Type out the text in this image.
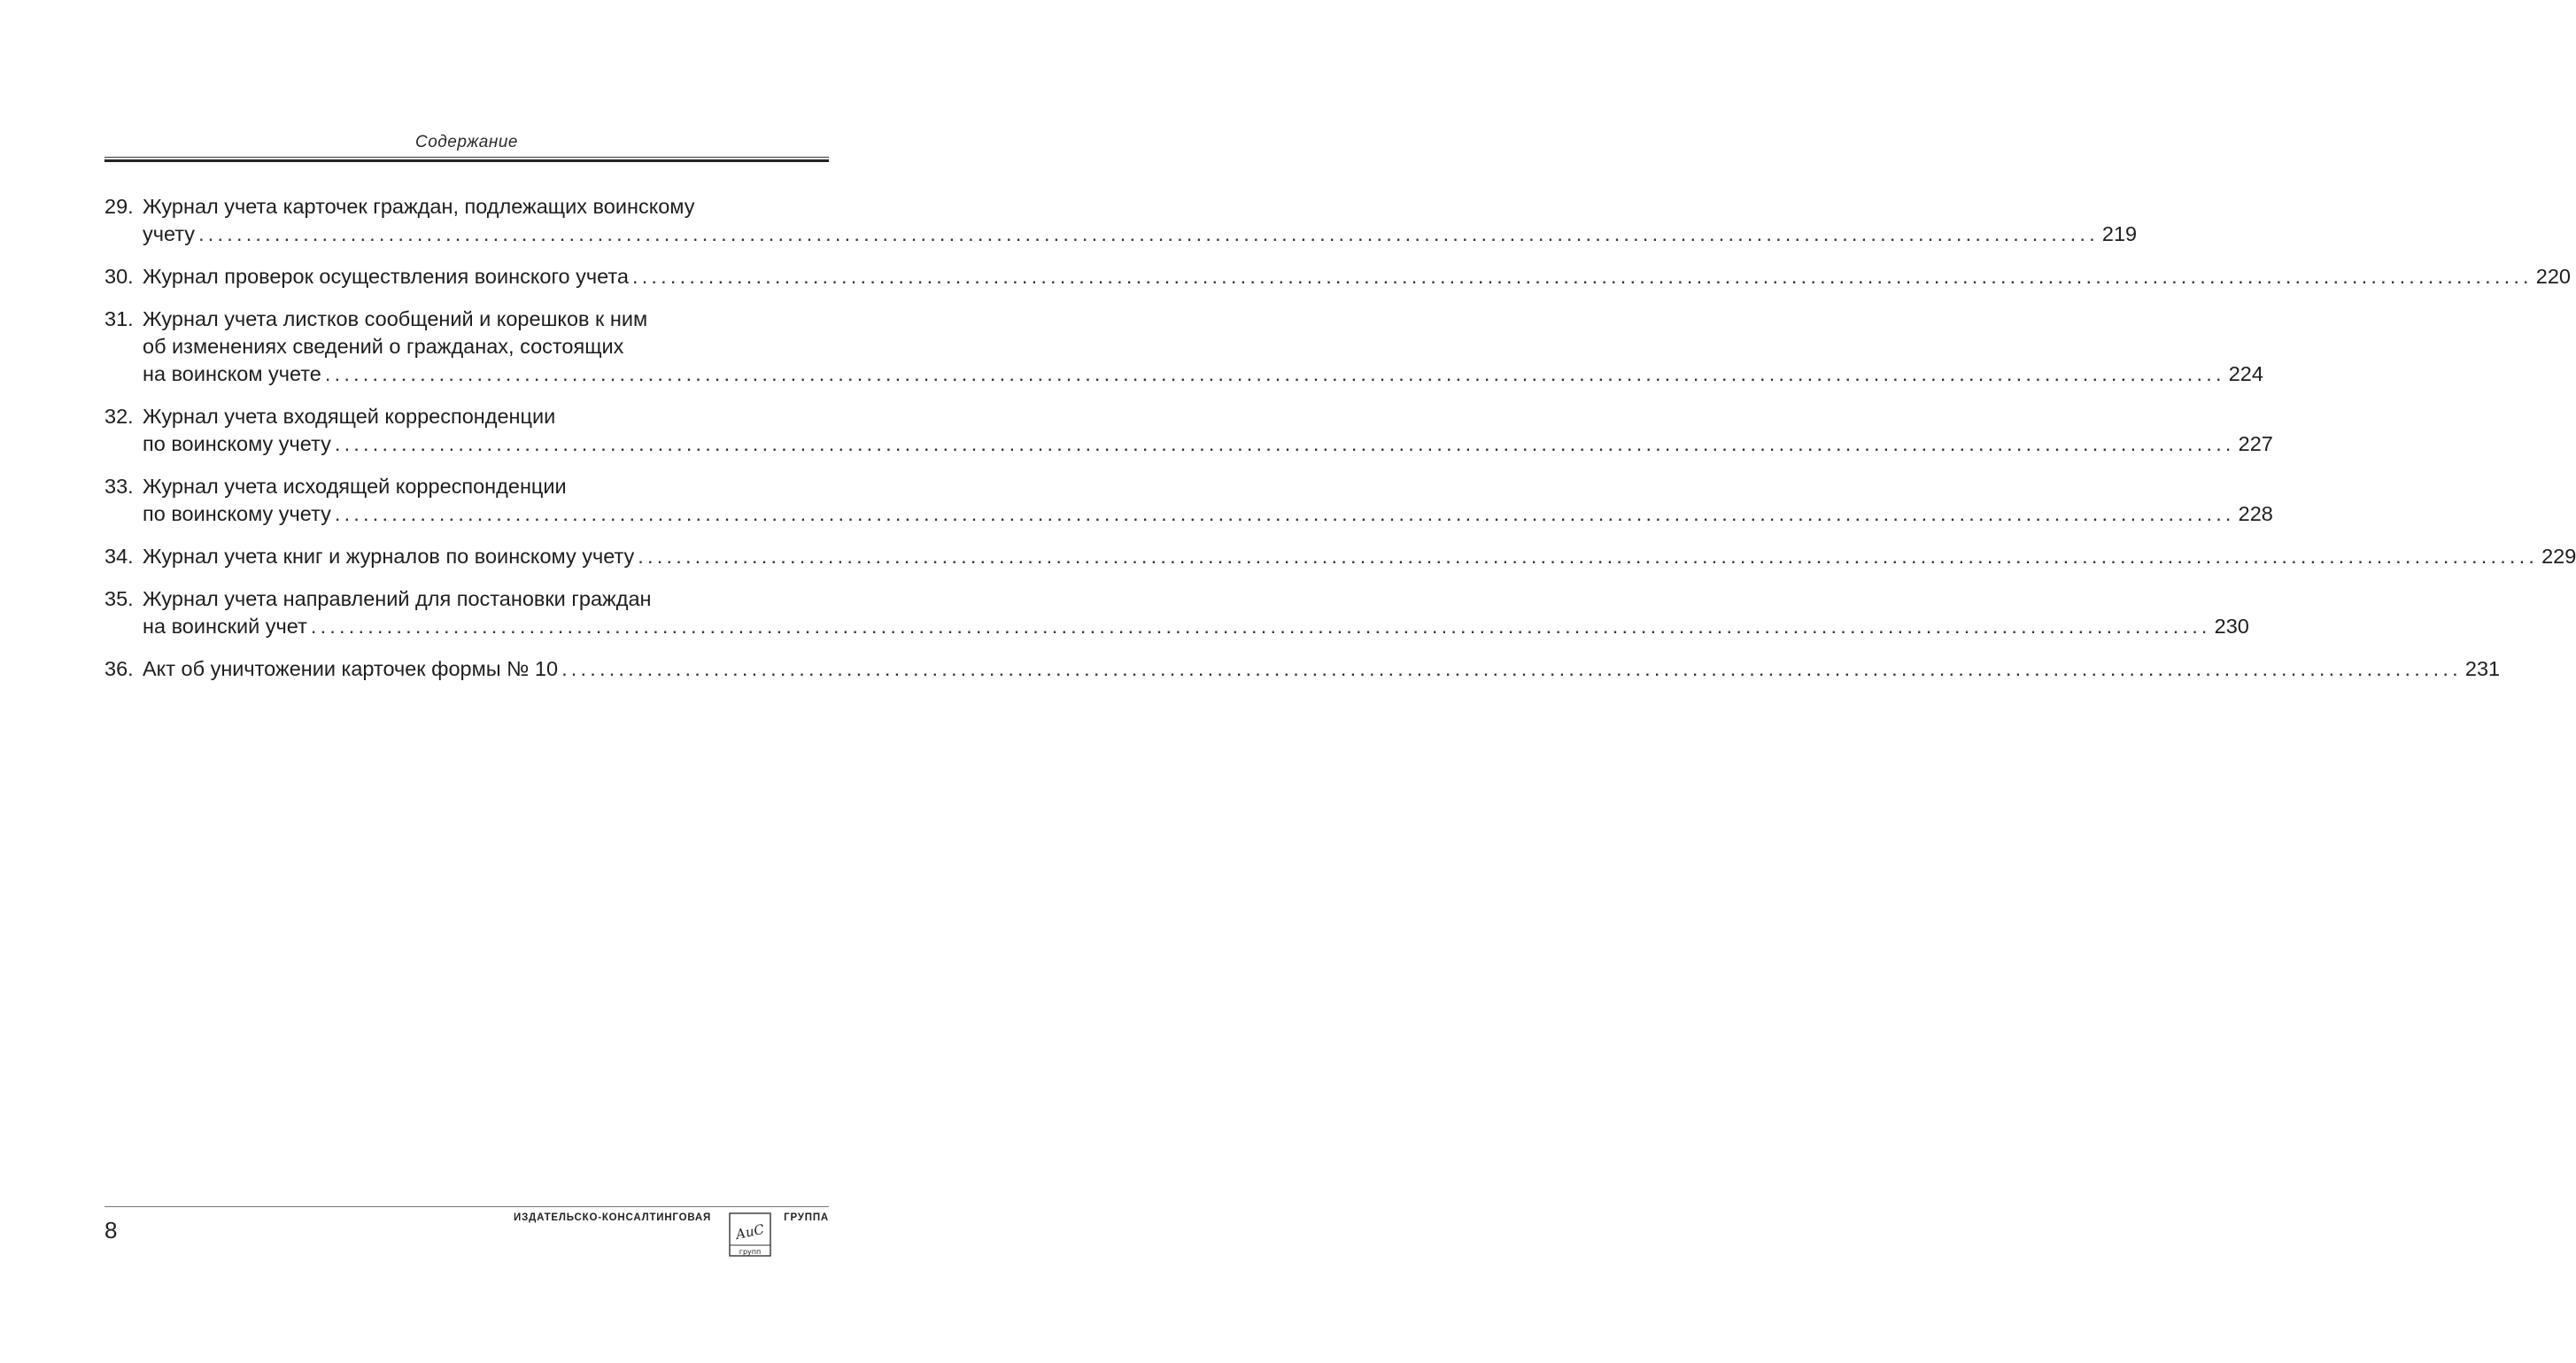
Содержание
29. Журнал учета карточек граждан, подлежащих воинскому
учету ........................................................................................................................................................................................................ 219
30. Журнал проверок осуществления воинского учета ........................................................................................................................................................................................................ 220
31. Журнал учета листков сообщений и корешков к ним
об изменениях сведений о гражданах, состоящих
на воинском учете ........................................................................................................................................................................................................ 224
32. Журнал учета входящей корреспонденции
по воинскому учету ........................................................................................................................................................................................................ 227
33. Журнал учета исходящей корреспонденции
по воинскому учету ........................................................................................................................................................................................................ 228
34. Журнал учета книг и журналов по воинскому учету ........................................................................................................................................................................................................ 229
35. Журнал учета направлений для постановки граждан
на воинский учет ........................................................................................................................................................................................................ 230
36. Акт об уничтожении карточек формы № 10 ........................................................................................................................................................................................................ 231
8	ИЗДАТЕЛЬСКО-КОНСАЛТИНГОВАЯ	ГРУППА
АиС
групп
